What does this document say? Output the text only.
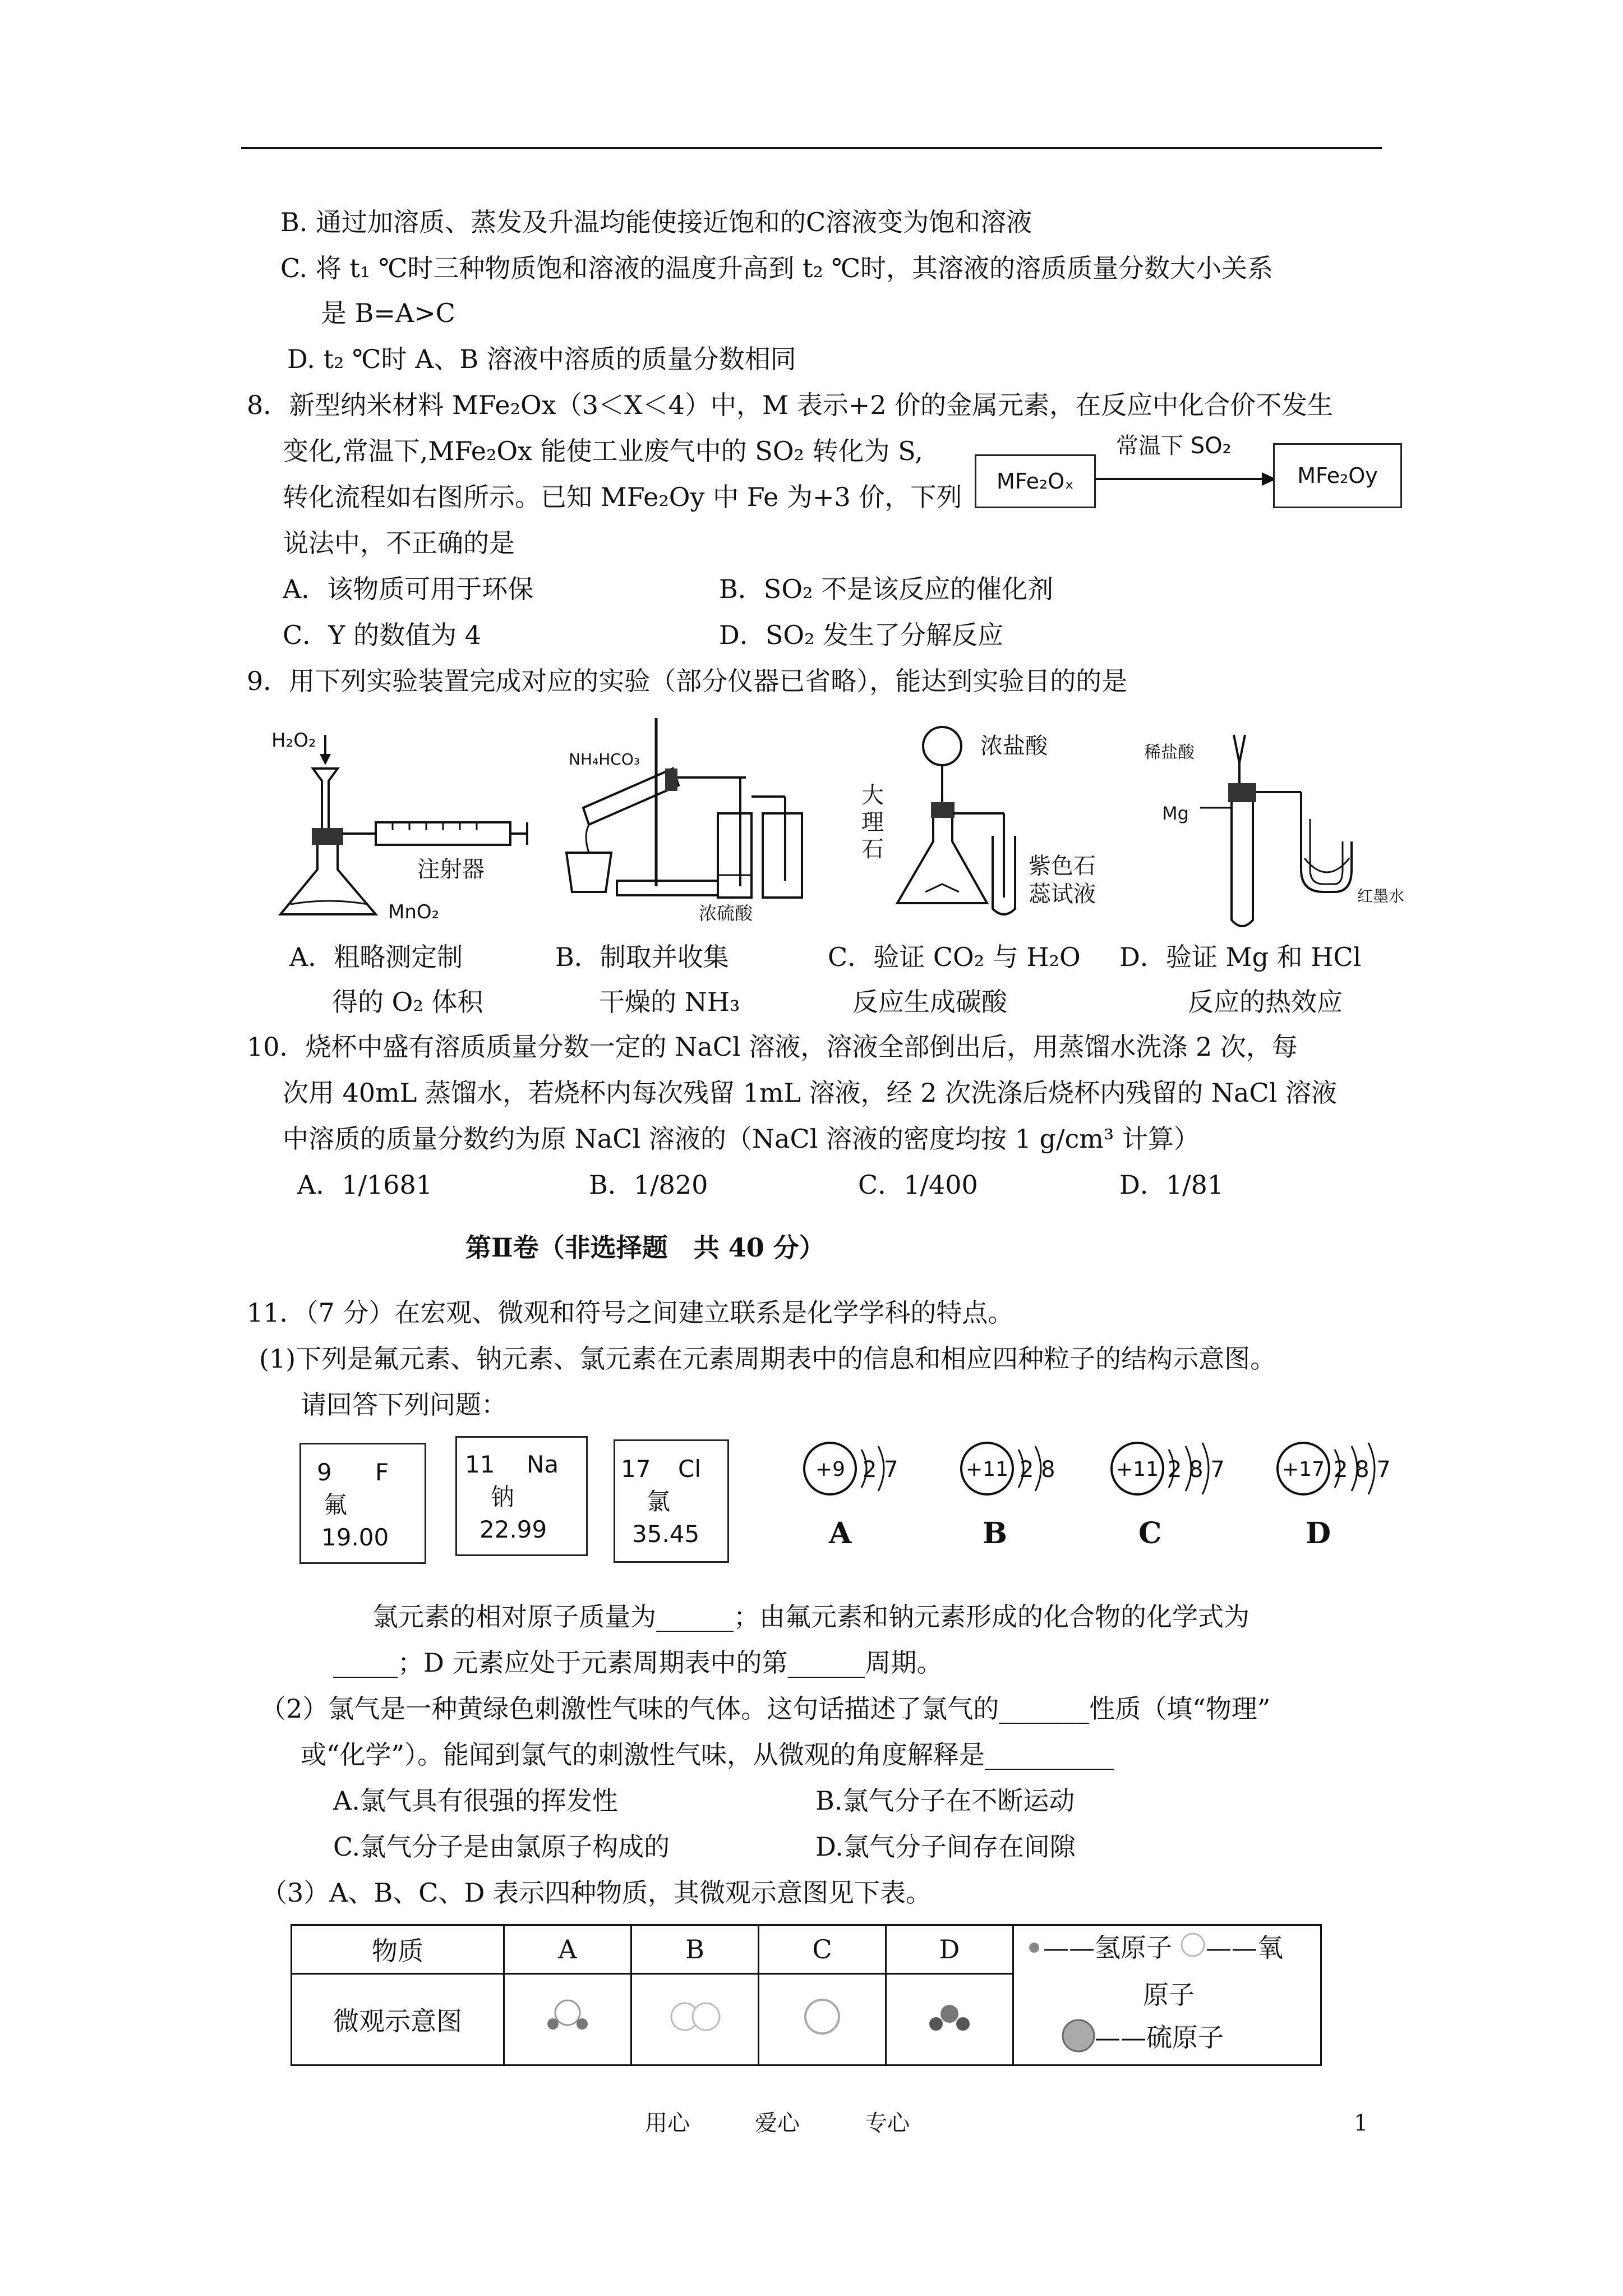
B. 通过加溶质、蒸发及升温均能使接近饱和的C溶液变为饱和溶液
C. 将 t₁ ℃时三种物质饱和溶液的温度升高到 t₂ ℃时，其溶液的溶质质量分数大小关系
是 B=A>C
D. t₂ ℃时 A、B 溶液中溶质的质量分数相同
8．新型纳米材料 MFe₂Ox（3＜X＜4）中，M 表示+2 价的金属元素，在反应中化合价不发生
变化,常温下,MFe₂Ox 能使工业废气中的 SO₂ 转化为 S,
转化流程如右图所示。已知 MFe₂Oy 中 Fe 为+3 价，下列
说法中，不正确的是
MFe₂Oₓ
常温下 SO₂
MFe₂Oy
A．该物质可用于环保	B．SO₂ 不是该反应的催化剂
C．Y 的数值为 4	D．SO₂ 发生了分解反应
9．用下列实验装置完成对应的实验（部分仪器已省略），能达到实验目的的是
H₂O₂
注射器
MnO₂
NH₄HCO₃
浓硫酸
浓盐酸
大
理
石
紫色石
蕊试液
稀盐酸
Mg
红墨水
A．粗略测定制
得的 O₂ 体积
B．制取并收集
干燥的 NH₃
C．验证 CO₂ 与 H₂O
反应生成碳酸
D．验证 Mg 和 HCl
反应的热效应
10．烧杯中盛有溶质质量分数一定的 NaCl 溶液，溶液全部倒出后，用蒸馏水洗涤 2 次，每
次用 40mL 蒸馏水，若烧杯内每次残留 1mL 溶液，经 2 次洗涤后烧杯内残留的 NaCl 溶液
中溶质的质量分数约为原 NaCl 溶液的（NaCl 溶液的密度均按 1 g/cm³ 计算）
A．1/1681	B．1/820	C．1/400	D．1/81
第Ⅱ卷（非选择题　共 40 分）
11．（7 分）在宏观、微观和符号之间建立联系是化学学科的特点。
(1)下列是氟元素、钠元素、氯元素在元素周期表中的信息和相应四种粒子的结构示意图。
请回答下列问题：
9 F
氟
19.00
11 Na
钠
22.99
17 Cl
氯
35.45
+9 2 7	+11 2 8	+11 2 8 7	+17 2 8 7
A	B	C	D
氯元素的相对原子质量为______；由氟元素和钠元素形成的化合物的化学式为
_____；D 元素应处于元素周期表中的第______周期。
（2）氯气是一种黄绿色刺激性气味的气体。这句话描述了氯气的_______性质（填“物理”
或“化学”）。能闻到氯气的刺激性气味，从微观的角度解释是__________
A.氯气具有很强的挥发性	B.氯气分子在不断运动
C.氯气分子是由氯原子构成的	D.氯气分子间存在间隙
（3）A、B、C、D 表示四种物质，其微观示意图见下表。
物质	A	B	C	D	——氢原子 ——氧
原子
——硫原子

微观示意图				
用心	爱心	专心	1
